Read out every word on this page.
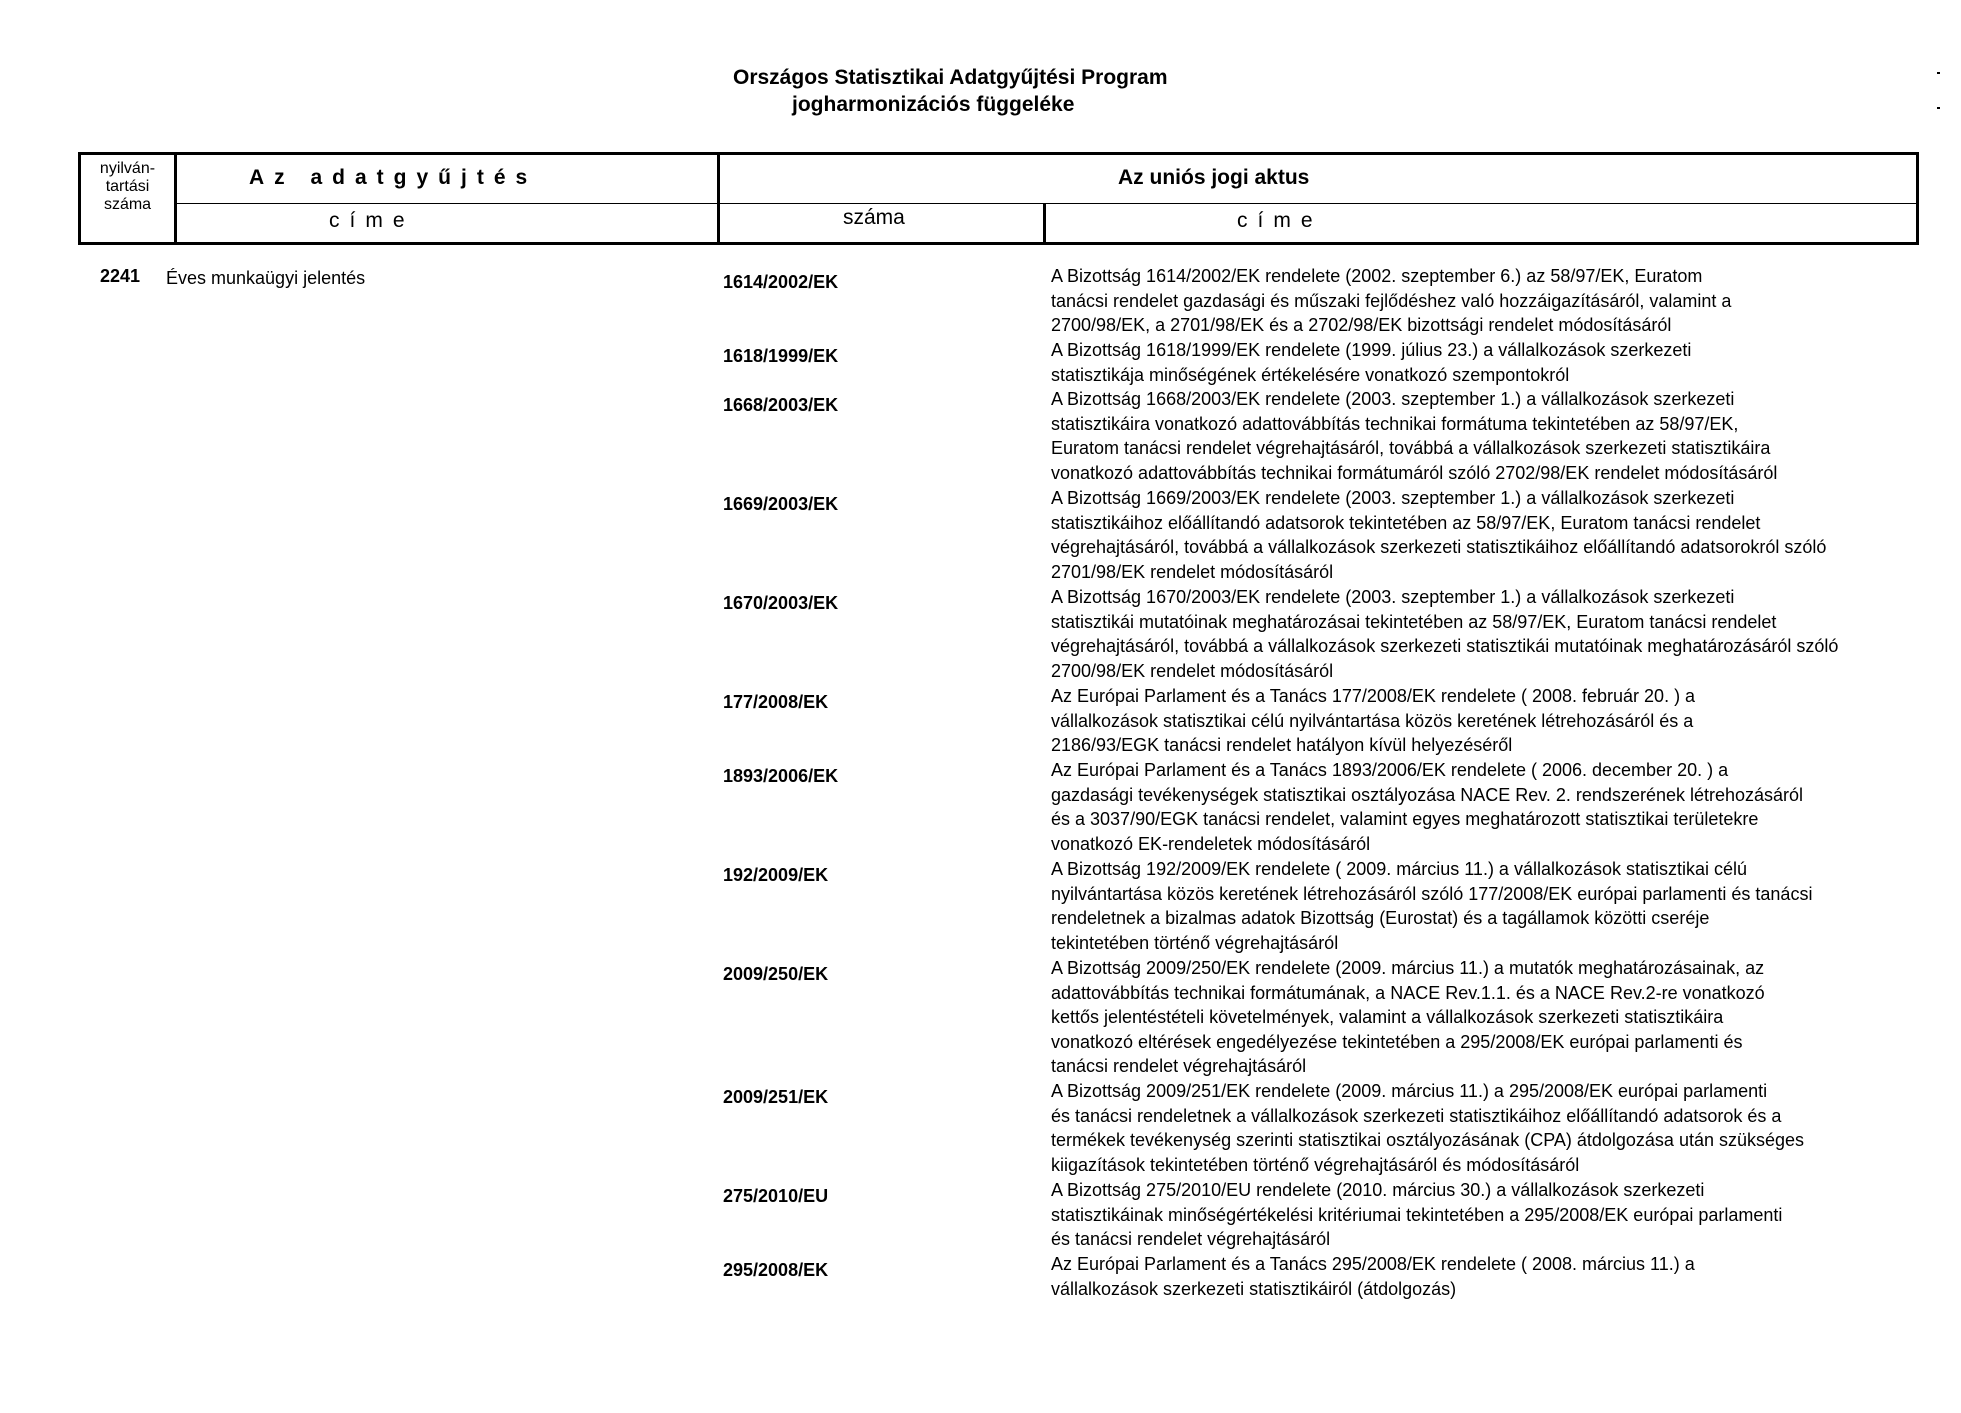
Országos Statisztikai Adatgyűjtési Program
jogharmonizációs függeléke
nyilván-
tartási
száma
Az adatgyűjtés
címe
Az uniós jogi aktus
száma	címe
2241 Éves munkaügyi jelentés	1614/2002/EK	A Bizottság 1614/2002/EK rendelete (2002. szeptember 6.) az 58/97/EK, Euratom
tanácsi rendelet gazdasági és műszaki fejlődéshez való hozzáigazításáról, valamint a
2700/98/EK, a 2701/98/EK és a 2702/98/EK bizottsági rendelet módosításáról
1618/1999/EK	A Bizottság 1618/1999/EK rendelete (1999. július 23.) a vállalkozások szerkezeti
statisztikája minőségének értékelésére vonatkozó szempontokról
1668/2003/EK	A Bizottság 1668/2003/EK rendelete (2003. szeptember 1.) a vállalkozások szerkezeti
statisztikáira vonatkozó adattovábbítás technikai formátuma tekintetében az 58/97/EK,
Euratom tanácsi rendelet végrehajtásáról, továbbá a vállalkozások szerkezeti statisztikáira
vonatkozó adattovábbítás technikai formátumáról szóló 2702/98/EK rendelet módosításáról
1669/2003/EK	A Bizottság 1669/2003/EK rendelete (2003. szeptember 1.) a vállalkozások szerkezeti
statisztikáihoz előállítandó adatsorok tekintetében az 58/97/EK, Euratom tanácsi rendelet
végrehajtásáról, továbbá a vállalkozások szerkezeti statisztikáihoz előállítandó adatsorokról szóló
2701/98/EK rendelet módosításáról
1670/2003/EK	A Bizottság 1670/2003/EK rendelete (2003. szeptember 1.) a vállalkozások szerkezeti
statisztikái mutatóinak meghatározásai tekintetében az 58/97/EK, Euratom tanácsi rendelet
végrehajtásáról, továbbá a vállalkozások szerkezeti statisztikái mutatóinak meghatározásáról szóló
2700/98/EK rendelet módosításáról
177/2008/EK	Az Európai Parlament és a Tanács 177/2008/EK rendelete ( 2008. február 20. ) a
vállalkozások statisztikai célú nyilvántartása közös keretének létrehozásáról és a
2186/93/EGK tanácsi rendelet hatályon kívül helyezéséről
1893/2006/EK	Az Európai Parlament és a Tanács 1893/2006/EK rendelete ( 2006. december 20. ) a
gazdasági tevékenységek statisztikai osztályozása NACE Rev. 2. rendszerének létrehozásáról
és a 3037/90/EGK tanácsi rendelet, valamint egyes meghatározott statisztikai területekre
vonatkozó EK-rendeletek módosításáról
192/2009/EK	A Bizottság 192/2009/EK rendelete ( 2009. március 11.) a vállalkozások statisztikai célú
nyilvántartása közös keretének létrehozásáról szóló 177/2008/EK európai parlamenti és tanácsi
rendeletnek a bizalmas adatok Bizottság (Eurostat) és a tagállamok közötti cseréje
tekintetében történő végrehajtásáról
2009/250/EK	A Bizottság 2009/250/EK rendelete (2009. március 11.) a mutatók meghatározásainak, az
adattovábbítás technikai formátumának, a NACE Rev.1.1. és a NACE Rev.2-re vonatkozó
kettős jelentéstételi követelmények, valamint a vállalkozások szerkezeti statisztikáira
vonatkozó eltérések engedélyezése tekintetében a 295/2008/EK európai parlamenti és
tanácsi rendelet végrehajtásáról
2009/251/EK	A Bizottság 2009/251/EK rendelete (2009. március 11.) a 295/2008/EK európai parlamenti
és tanácsi rendeletnek a vállalkozások szerkezeti statisztikáihoz előállítandó adatsorok és a
termékek tevékenység szerinti statisztikai osztályozásának (CPA) átdolgozása után szükséges
kiigazítások tekintetében történő végrehajtásáról és módosításáról
275/2010/EU	A Bizottság 275/2010/EU rendelete (2010. március 30.) a vállalkozások szerkezeti
statisztikáinak minőségértékelési kritériumai tekintetében a 295/2008/EK európai parlamenti
és tanácsi rendelet végrehajtásáról
295/2008/EK	Az Európai Parlament és a Tanács 295/2008/EK rendelete ( 2008. március 11.) a
vállalkozások szerkezeti statisztikáiról (átdolgozás)
